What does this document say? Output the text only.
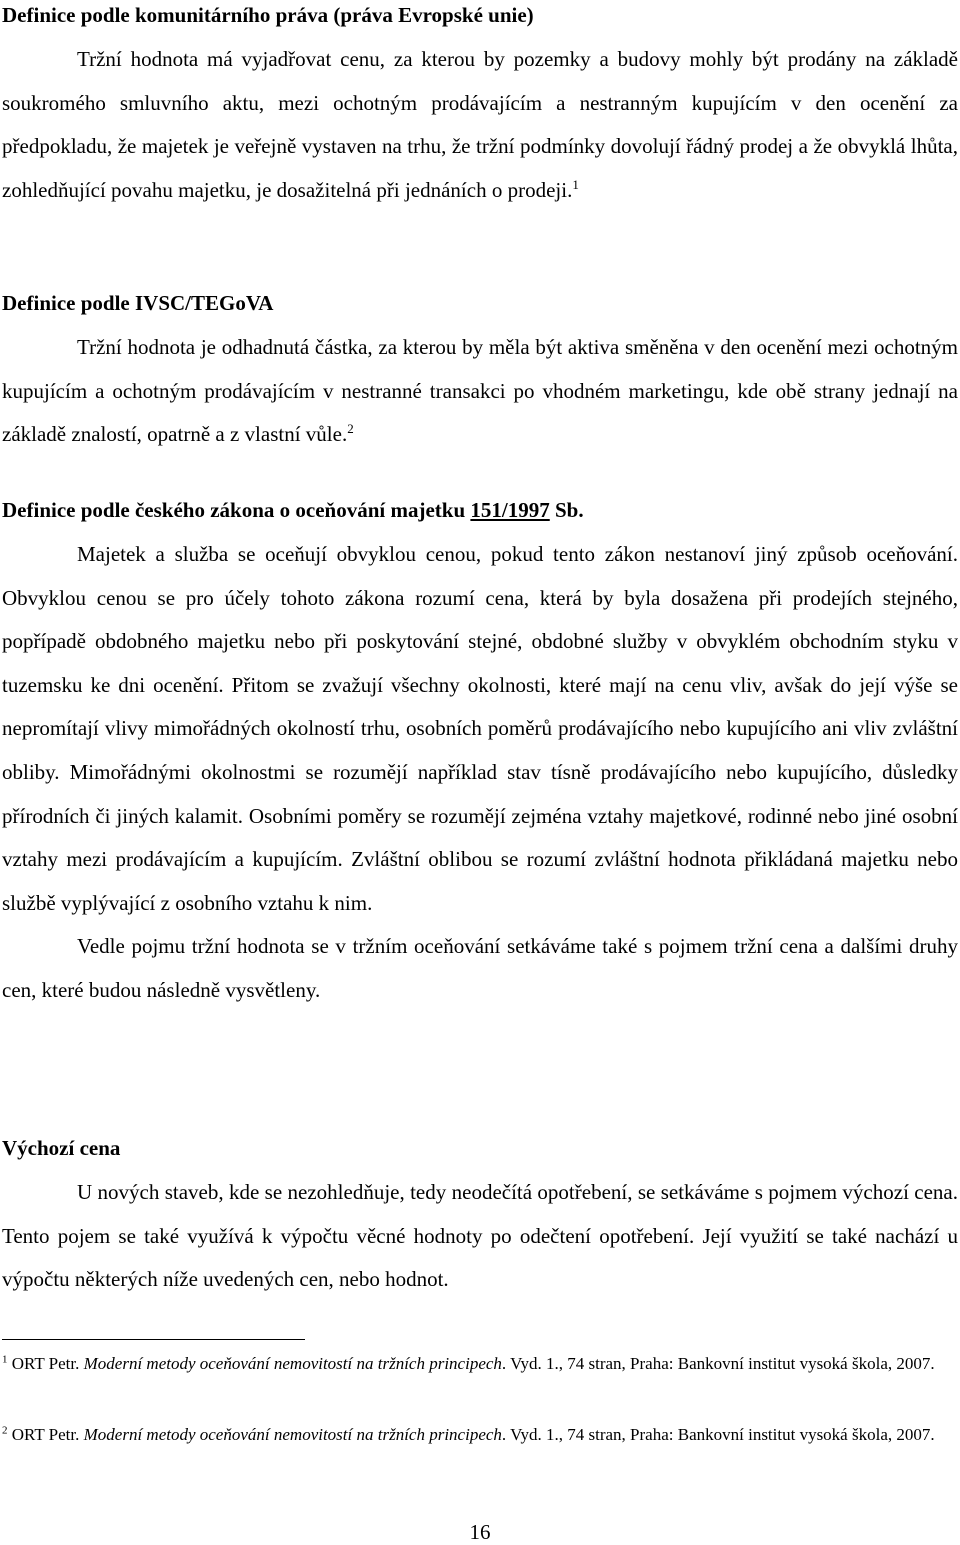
Definice podle komunitárního práva (práva Evropské unie)

Tržní hodnota má vyjadřovat cenu, za kterou by pozemky a budovy mohly být prodány na základě soukromého smluvního aktu, mezi ochotným prodávajícím a nestranným kupujícím v den ocenění za předpokladu, že majetek je veřejně vystaven na trhu, že tržní podmínky dovolují řádný prodej a že obvyklá lhůta, zohledňující povahu majetku, je dosažitelná při jednáních o prodeji.$^1$

Definice podle IVSC/TEGoVA

Tržní hodnota je odhadnutá částka, za kterou by měla být aktiva směněna v den ocenění mezi ochotným kupujícím a ochotným prodávajícím v nestranné transakci po vhodném marketingu, kde obě strany jednají na základě znalostí, opatrně a z vlastní vůle.$^2$

Definice podle českého zákona o oceňování majetku 151/1997 Sb.

Majetek a služba se oceňují obvyklou cenou, pokud tento zákon nestanoví jiný způsob oceňování. Obvyklou cenou se pro účely tohoto zákona rozumí cena, která by byla dosažena při prodejích stejného, popřípadě obdobného majetku nebo při poskytování stejné, obdobné služby v obvyklém obchodním styku v tuzemsku ke dni ocenění. Přitom se zvažují všechny okolnosti, které mají na cenu vliv, avšak do její výše se nepromítají vlivy mimořádných okolností trhu, osobních poměrů prodávajícího nebo kupujícího ani vliv zvláštní obliby. Mimořádnými okolnostmi se rozumějí například stav tísně prodávajícího nebo kupujícího, důsledky přírodních či jiných kalamit. Osobními poměry se rozumějí zejména vztahy majetkové, rodinné nebo jiné osobní vztahy mezi prodávajícím a kupujícím. Zvláštní oblibou se rozumí zvláštní hodnota přikládaná majetku nebo službě vyplývající z osobního vztahu k nim.

Vedle pojmu tržní hodnota se v tržním oceňování setkáváme také s pojmem tržní cena a dalšími druhy cen, které budou následně vysvětleny.

Výchozí cena

U nových staveb, kde se nezohledňuje, tedy neodečítá opotřebení, se setkáváme s pojmem výchozí cena. Tento pojem se také využívá k výpočtu věcné hodnoty po odečtení opotřebení. Její využití se také nachází u výpočtu některých níže uvedených cen, nebo hodnot.

$^1$ ORT Petr. Moderní metody oceňování nemovitostí na tržních principech. Vyd. 1., 74 stran, Praha: Bankovní institut vysoká škola, 2007.

$^2$ ORT Petr. Moderní metody oceňování nemovitostí na tržních principech. Vyd. 1., 74 stran, Praha: Bankovní institut vysoká škola, 2007.

16
